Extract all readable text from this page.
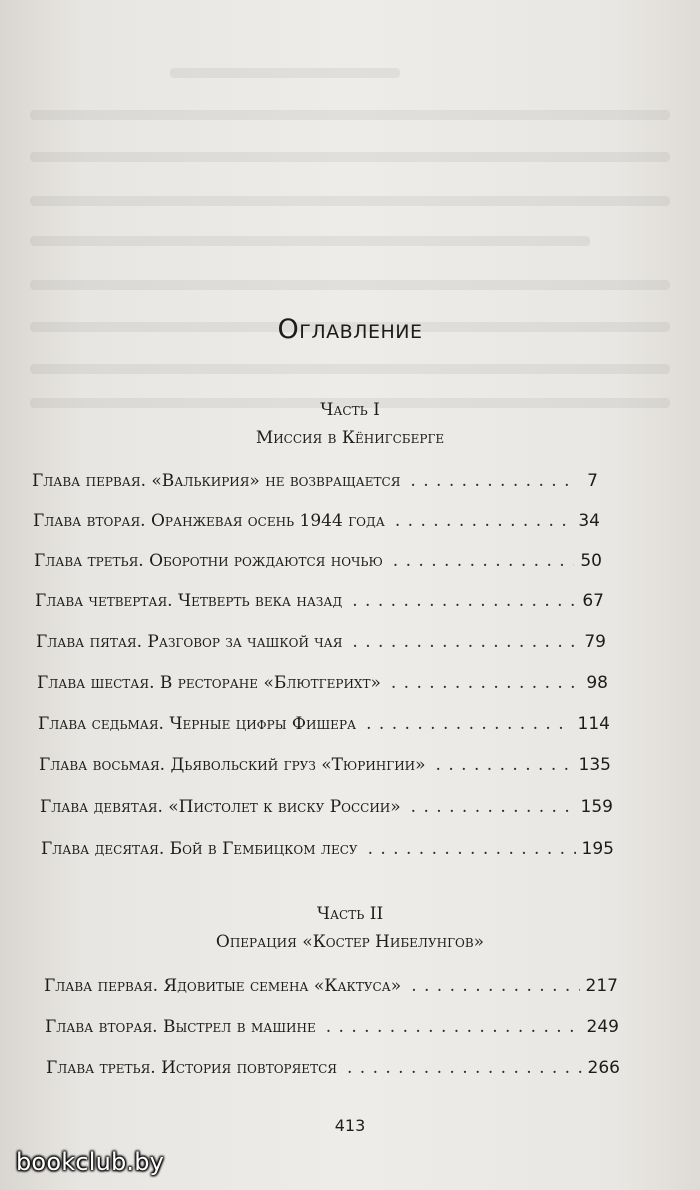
Оглавление
Часть I
Миссия в Кёнигсберге
Глава первая. «Валькирия» не возвращается . . .	7
Глава вторая. Оранжевая осень 1944 года . . .	34
Глава третья. Оборотни рождаются ночью . . .	50
Глава четвертая. Четверть века назад . . .	67
Глава пятая. Разговор за чашкой чая . . .	79
Глава шестая. В ресторане «Блютгерихт» . . .	98
Глава седьмая. Черные цифры Фишера . . .	114
Глава восьмая. Дьявольский груз «Тюрингии» . . .	135
Глава девятая. «Пистолет к виску России» . . .	159
Глава десятая. Бой в Гембицком лесу . . .	195
Часть II
Операция «Костер Нибелунгов»
Глава первая. Ядовитые семена «Кактуса» . . .	217
Глава вторая. Выстрел в машине . . .	249
Глава третья. История повторяется . . .	266
413
bookclub.by
